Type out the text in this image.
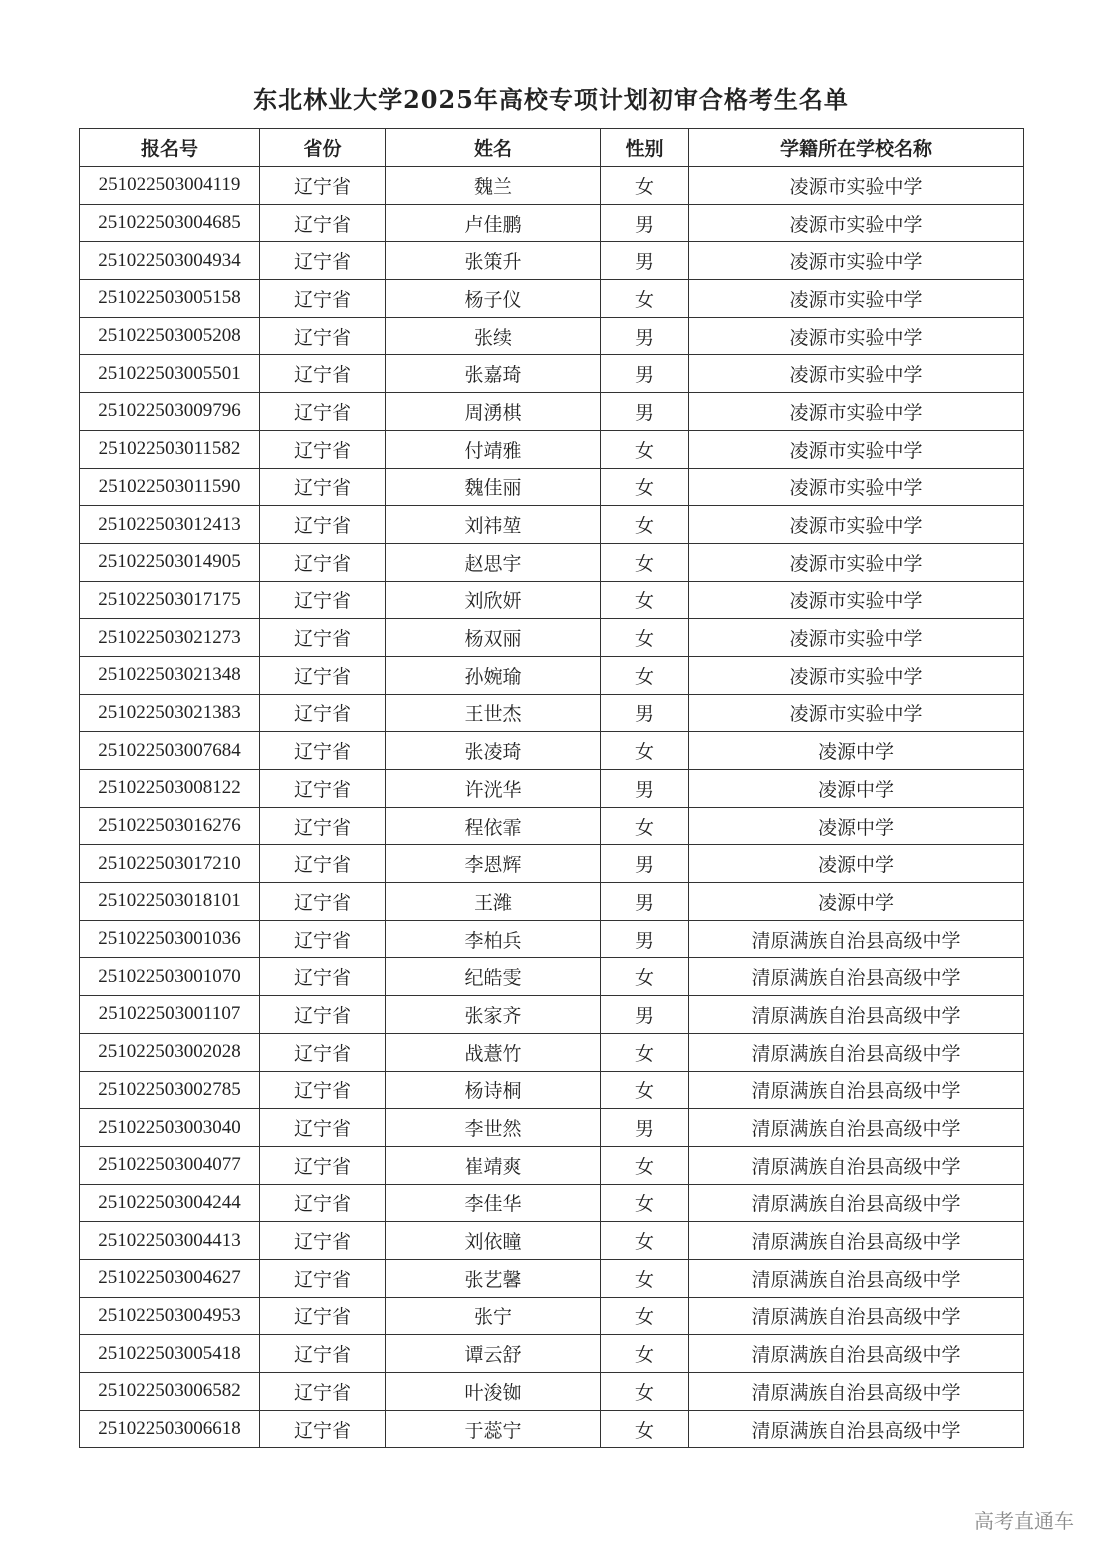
东北林业大学2025年高校专项计划初审合格考生名单
报名号	省份	姓名	性别	学籍所在学校名称
251022503004119	辽宁省	魏兰	女	凌源市实验中学
251022503004685	辽宁省	卢佳鹏	男	凌源市实验中学
251022503004934	辽宁省	张策升	男	凌源市实验中学
251022503005158	辽宁省	杨子仪	女	凌源市实验中学
251022503005208	辽宁省	张续	男	凌源市实验中学
251022503005501	辽宁省	张嘉琦	男	凌源市实验中学
251022503009796	辽宁省	周湧棋	男	凌源市实验中学
251022503011582	辽宁省	付靖雅	女	凌源市实验中学
251022503011590	辽宁省	魏佳丽	女	凌源市实验中学
251022503012413	辽宁省	刘祎堃	女	凌源市实验中学
251022503014905	辽宁省	赵思宇	女	凌源市实验中学
251022503017175	辽宁省	刘欣妍	女	凌源市实验中学
251022503021273	辽宁省	杨双丽	女	凌源市实验中学
251022503021348	辽宁省	孙婉瑜	女	凌源市实验中学
251022503021383	辽宁省	王世杰	男	凌源市实验中学
251022503007684	辽宁省	张凌琦	女	凌源中学
251022503008122	辽宁省	许洸华	男	凌源中学
251022503016276	辽宁省	程依霏	女	凌源中学
251022503017210	辽宁省	李恩辉	男	凌源中学
251022503018101	辽宁省	王潍	男	凌源中学
251022503001036	辽宁省	李柏兵	男	清原满族自治县高级中学
251022503001070	辽宁省	纪皓雯	女	清原满族自治县高级中学
251022503001107	辽宁省	张家齐	男	清原满族自治县高级中学
251022503002028	辽宁省	战薏竹	女	清原满族自治县高级中学
251022503002785	辽宁省	杨诗桐	女	清原满族自治县高级中学
251022503003040	辽宁省	李世然	男	清原满族自治县高级中学
251022503004077	辽宁省	崔靖爽	女	清原满族自治县高级中学
251022503004244	辽宁省	李佳华	女	清原满族自治县高级中学
251022503004413	辽宁省	刘依瞳	女	清原满族自治县高级中学
251022503004627	辽宁省	张艺馨	女	清原满族自治县高级中学
251022503004953	辽宁省	张宁	女	清原满族自治县高级中学
251022503005418	辽宁省	谭云舒	女	清原满族自治县高级中学
251022503006582	辽宁省	叶浚铷	女	清原满族自治县高级中学
251022503006618	辽宁省	于蕊宁	女	清原满族自治县高级中学
高考直通车
